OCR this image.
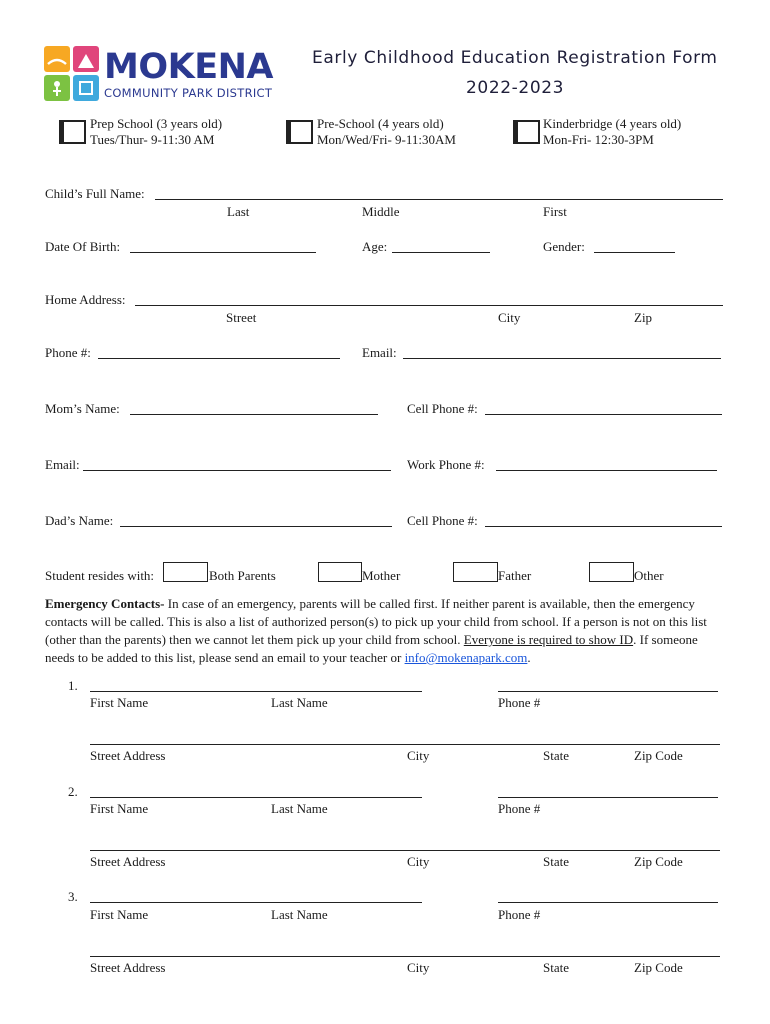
MOKENA
COMMUNITY PARK DISTRICT
Early Childhood Education Registration Form
2022-2023
Prep School (3 years old)
Tues/Thur- 9-11:30 AM
Pre-School (4 years old)
Mon/Wed/Fri- 9-11:30AM
Kinderbridge (4 years old)
Mon-Fri- 12:30-3PM
Child’s Full Name:
Last	Middle	First
Date Of Birth:	Age:	Gender:
Home Address:
Street	City	Zip
Phone #:	Email:
Mom’s Name:	Cell Phone #:
Email:	Work Phone #:
Dad’s Name:	Cell Phone #:
Student resides with:	Both Parents	Mother	Father	Other
Emergency Contacts- In case of an emergency, parents will be called first. If neither parent is available, then the emergency contacts will be called. This is also a list of authorized person(s) to pick up your child from school. If a person is not on this list (other than the parents) then we cannot let them pick up your child from school. Everyone is required to show ID. If someone needs to be added to this list, please send an email to your teacher or info@mokenapark.com.
1.
First Name	Last Name	Phone #
Street Address	City	State	Zip Code
2.
First Name	Last Name	Phone #
Street Address	City	State	Zip Code
3.
First Name	Last Name	Phone #
Street Address	City	State	Zip Code
